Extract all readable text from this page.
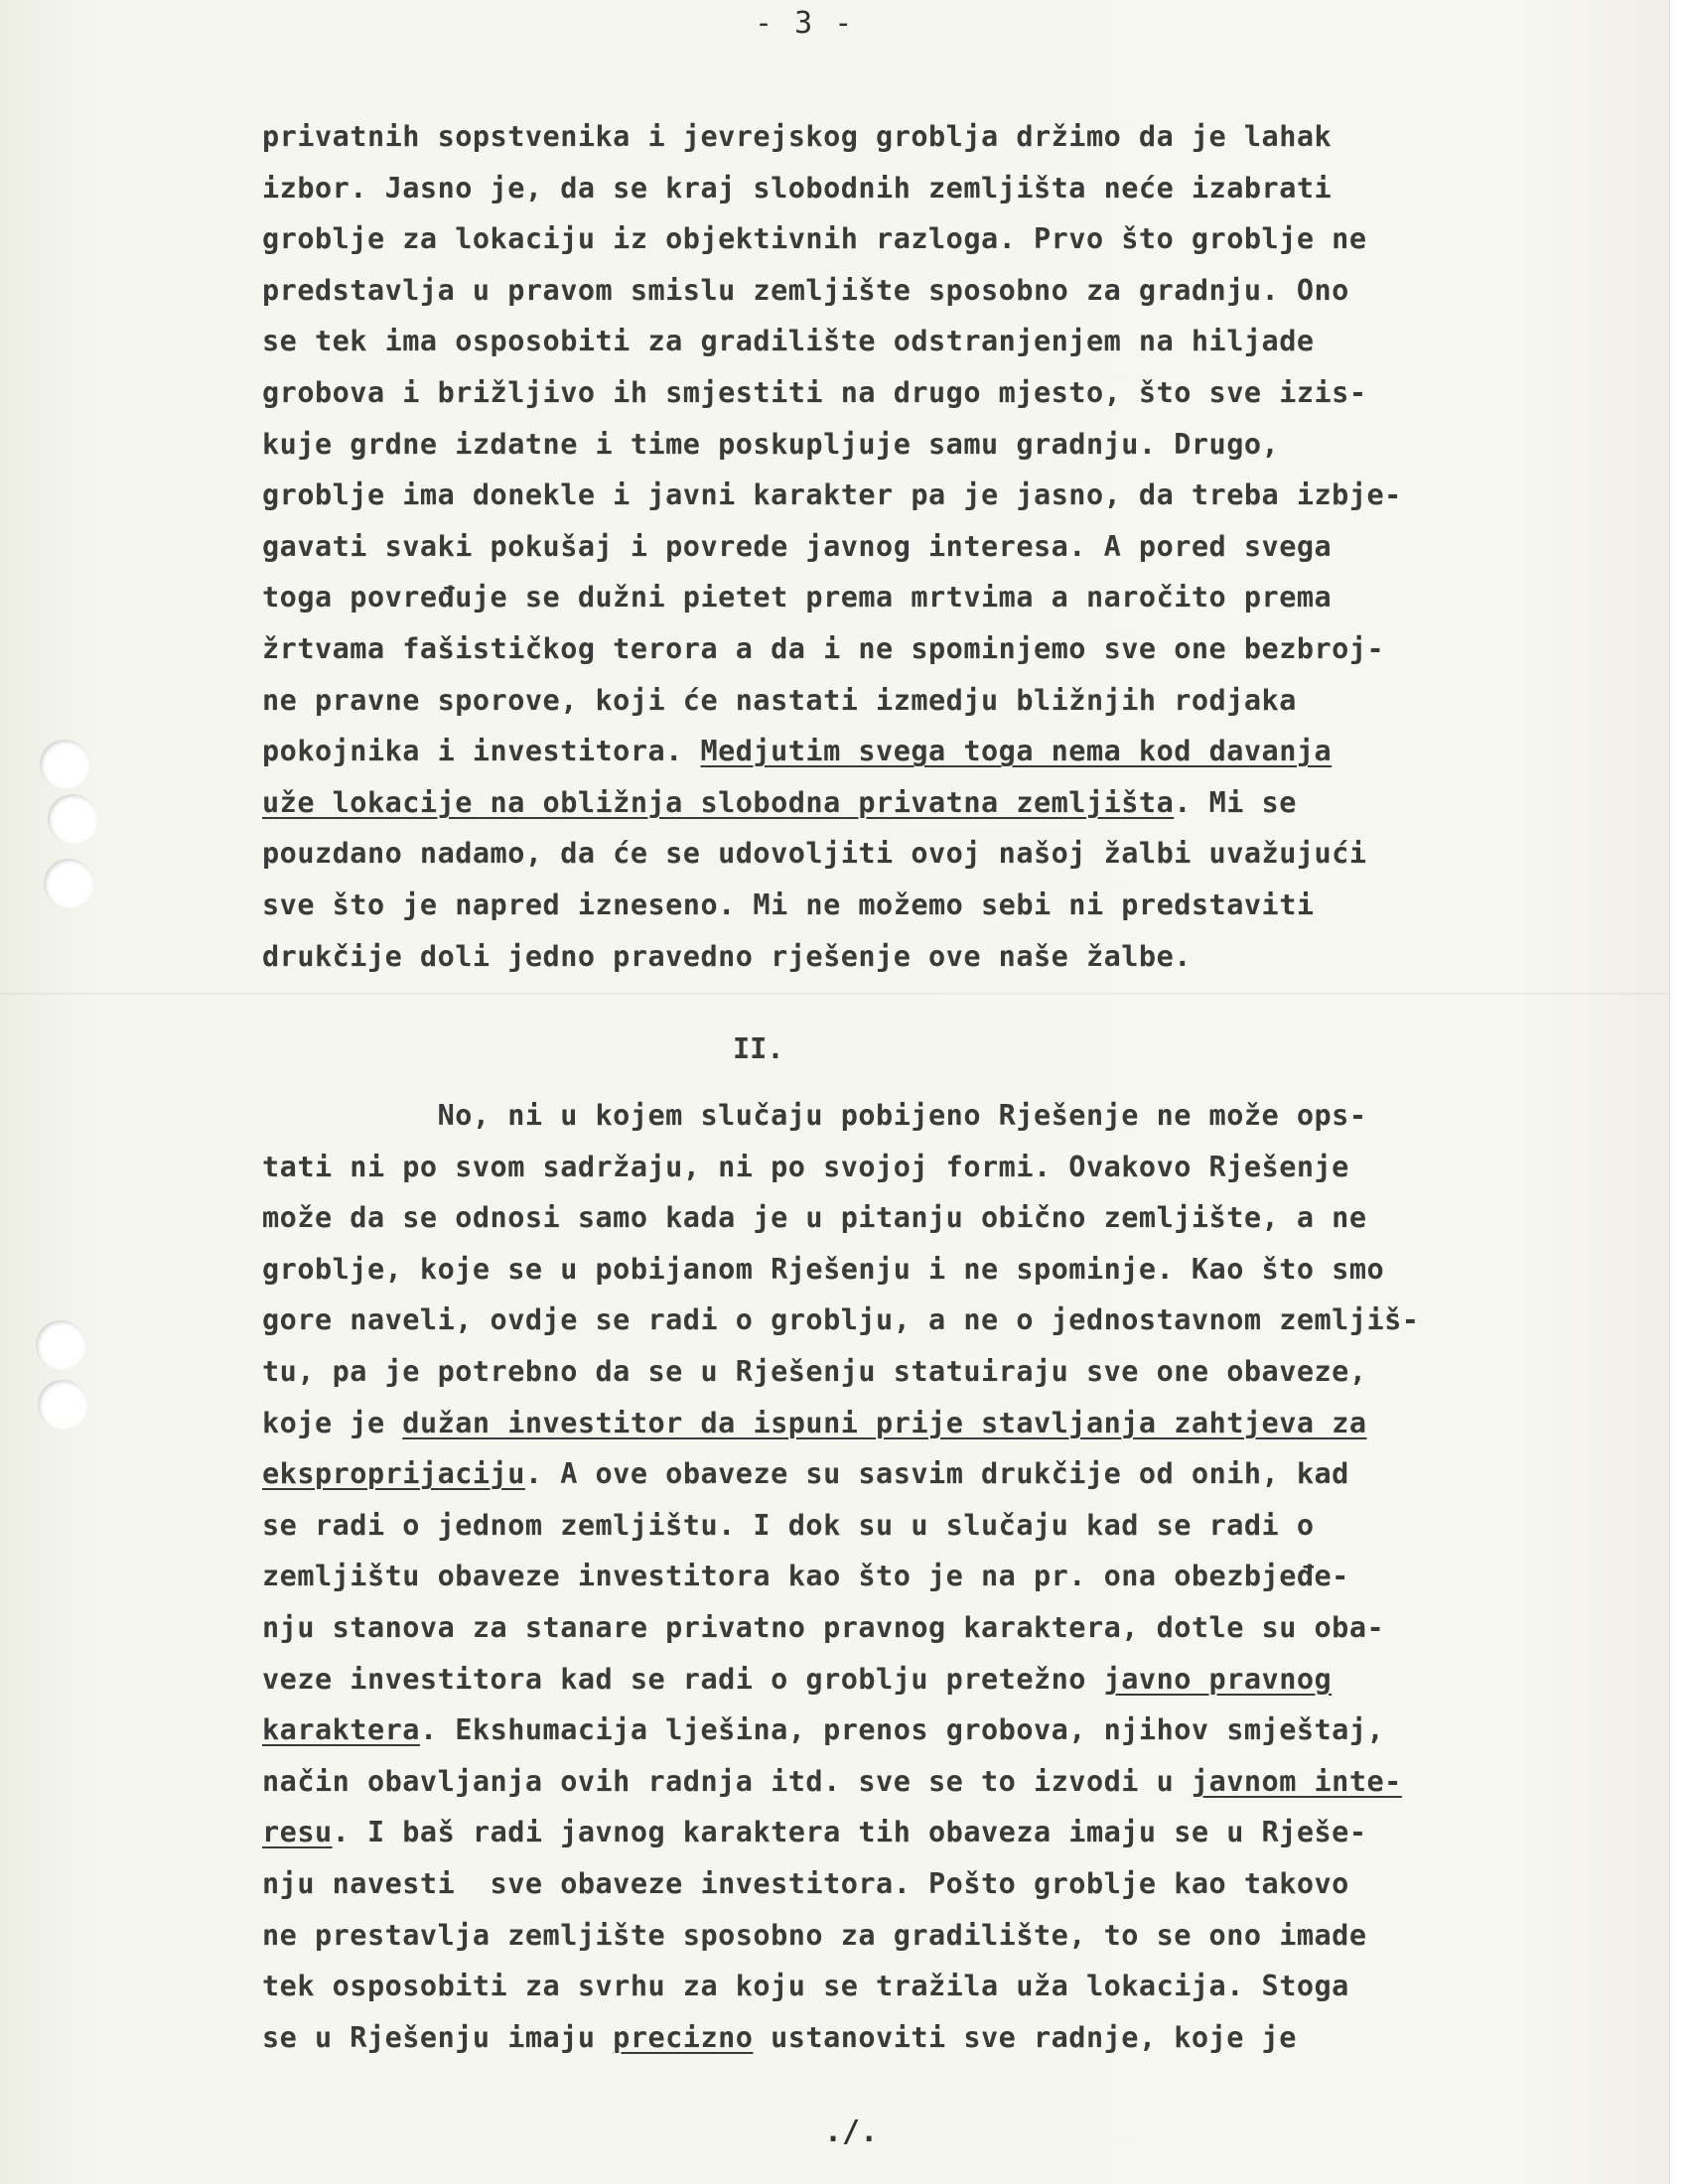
- 3 -
privatnih sopstvenika i jevrejskog groblja držimo da je lahak
izbor. Jasno je, da se kraj slobodnih zemljišta neće izabrati
groblje za lokaciju iz objektivnih razloga. Prvo što groblje ne
predstavlja u pravom smislu zemljište sposobno za gradnju. Ono
se tek ima osposobiti za gradilište odstranjenjem na hiljade
grobova i brižljivo ih smjestiti na drugo mjesto, što sve izis-
kuje grdne izdatne i time poskupljuje samu gradnju. Drugo,
groblje ima donekle i javni karakter pa je jasno, da treba izbje-
gavati svaki pokušaj i povrede javnog interesa. A pored svega
toga povređuje se dužni pietet prema mrtvima a naročito prema
žrtvama fašističkog terora a da i ne spominjemo sve one bezbroj-
ne pravne sporove, koji će nastati izmedju bližnjih rodjaka
pokojnika i investitora. Medjutim svega toga nema kod davanja
uže lokacije na obližnja slobodna privatna zemljišta. Mi se
pouzdano nadamo, da će se udovoljiti ovoj našoj žalbi uvažujući
sve što je napred izneseno. Mi ne možemo sebi ni predstaviti
drukčije doli jedno pravedno rješenje ove naše žalbe.
II.
No, ni u kojem slučaju pobijeno Rješenje ne može ops-
tati ni po svom sadržaju, ni po svojoj formi. Ovakovo Rješenje
može da se odnosi samo kada je u pitanju obično zemljište, a ne
groblje, koje se u pobijanom Rješenju i ne spominje. Kao što smo
gore naveli, ovdje se radi o groblju, a ne o jednostavnom zemljiš-
tu, pa je potrebno da se u Rješenju statuiraju sve one obaveze,
koje je dužan investitor da ispuni prije stavljanja zahtjeva za
eksproprijaciju. A ove obaveze su sasvim drukčije od onih, kad
se radi o jednom zemljištu. I dok su u slučaju kad se radi o
zemljištu obaveze investitora kao što je na pr. ona obezbjeđe-
nju stanova za stanare privatno pravnog karaktera, dotle su oba-
veze investitora kad se radi o groblju pretežno javno pravnog
karaktera. Ekshumacija lješina, prenos grobova, njihov smještaj,
način obavljanja ovih radnja itd. sve se to izvodi u javnom inte-
resu. I baš radi javnog karaktera tih obaveza imaju se u Rješe-
nju navesti  sve obaveze investitora. Pošto groblje kao takovo
ne prestavlja zemljište sposobno za gradilište, to se ono imade
tek osposobiti za svrhu za koju se tražila uža lokacija. Stoga
se u Rješenju imaju precizno ustanoviti sve radnje, koje je
./.
